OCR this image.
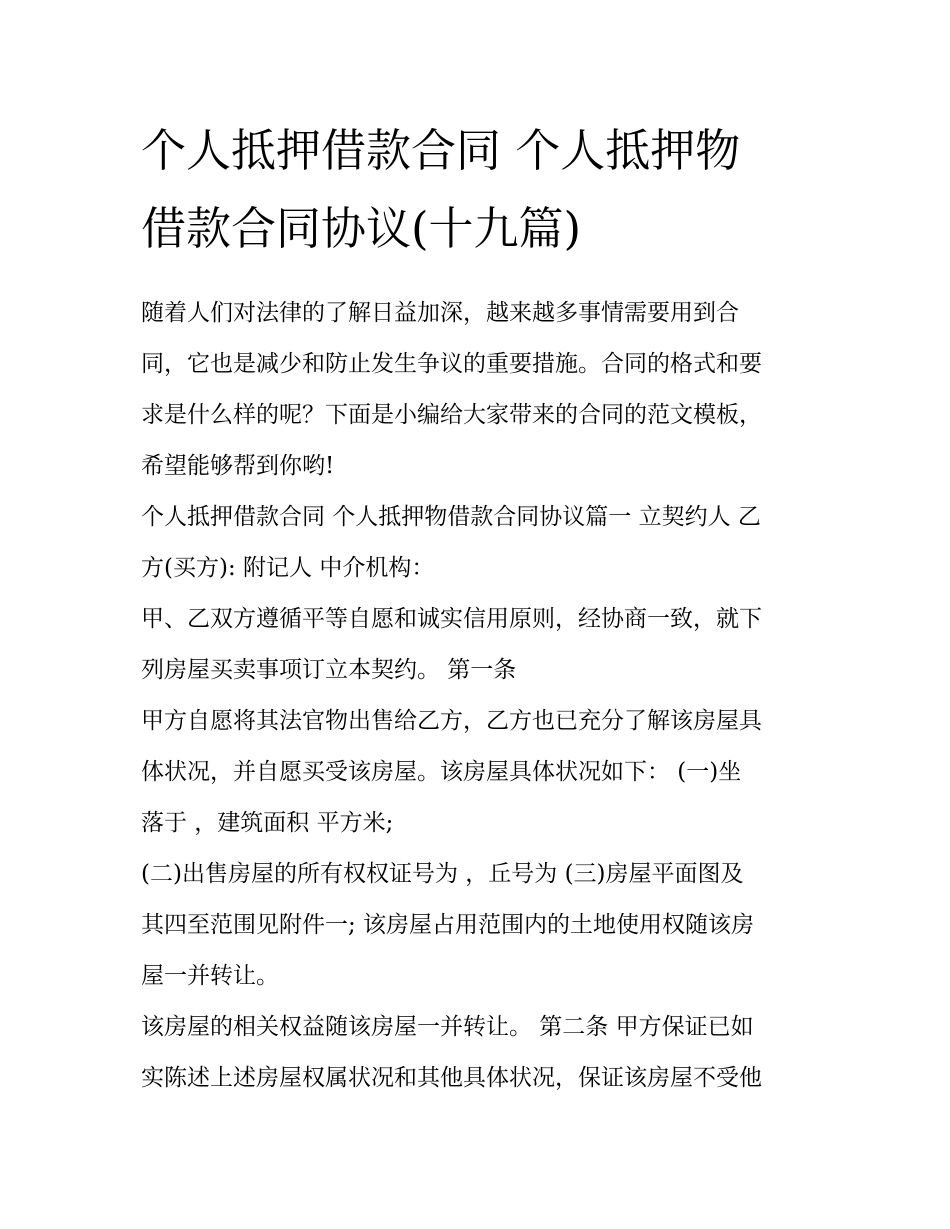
个人抵押借款合同 个人抵押物
借款合同协议(十九篇)

随着人们对法律的了解日益加深，越来越多事情需要用到合
同，它也是减少和防止发生争议的重要措施。合同的格式和要
求是什么样的呢？下面是小编给大家带来的合同的范文模板，
希望能够帮到你哟!

个人抵押借款合同 个人抵押物借款合同协议篇一 立契约人 乙
方(买方): 附记人 中介机构：

甲、乙双方遵循平等自愿和诚实信用原则，经协商一致，就下
列房屋买卖事项订立本契约。 第一条

甲方自愿将其法官物出售给乙方，乙方也已充分了解该房屋具
体状况，并自愿买受该房屋。该房屋具体状况如下： (一)坐
落于 ，建筑面积 平方米;

(二)出售房屋的所有权权证号为 ，丘号为 (三)房屋平面图及
其四至范围见附件一; 该房屋占用范围内的土地使用权随该房
屋一并转让。

该房屋的相关权益随该房屋一并转让。 第二条 甲方保证已如
实陈述上述房屋权属状况和其他具体状况，保证该房屋不受他
